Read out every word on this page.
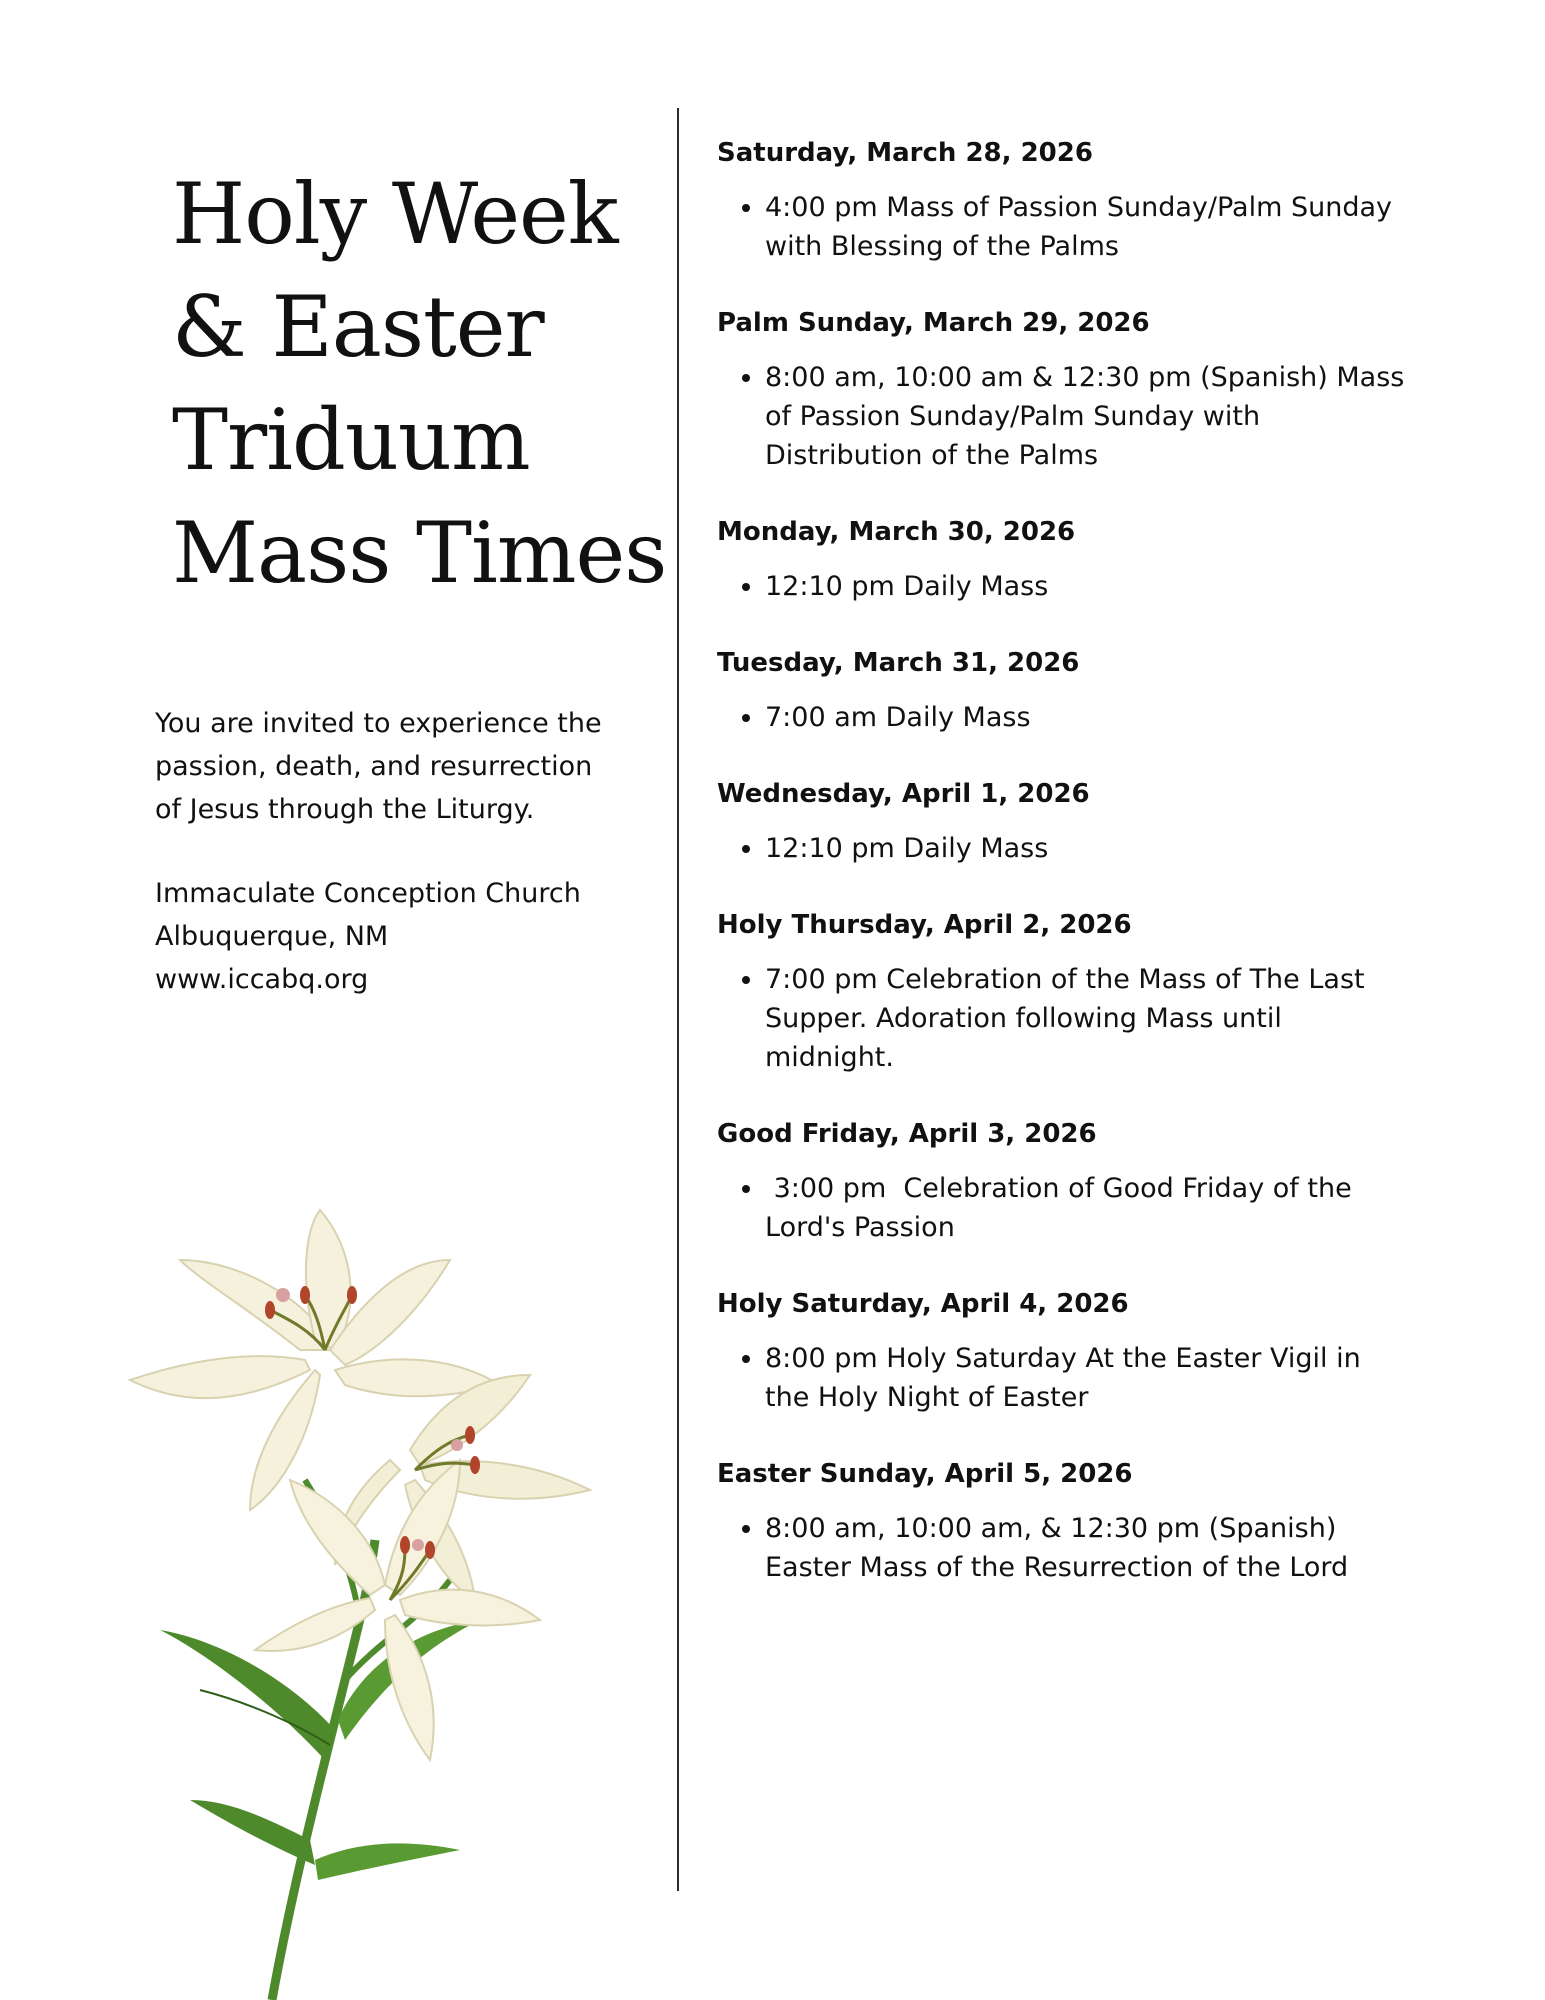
Holy Week
& Easter
Triduum
Mass Times

You are invited to experience the passion, death, and resurrection of Jesus through the Liturgy.

Immaculate Conception Church
Albuquerque, NM
www.iccabq.org
Saturday, March 28, 2026
• 4:00 pm Mass of Passion Sunday/Palm Sunday with Blessing of the Palms
Palm Sunday, March 29, 2026
• 8:00 am, 10:00 am & 12:30 pm (Spanish) Mass of Passion Sunday/Palm Sunday with Distribution of the Palms
Monday, March 30, 2026
• 12:10 pm Daily Mass
Tuesday, March 31, 2026
• 7:00 am Daily Mass
Wednesday, April 1, 2026
• 12:10 pm Daily Mass
Holy Thursday, April 2, 2026
• 7:00 pm Celebration of the Mass of The Last Supper. Adoration following Mass until midnight.
Good Friday, April 3, 2026
•  3:00 pm  Celebration of Good Friday of the Lord's Passion
Holy Saturday, April 4, 2026
• 8:00 pm Holy Saturday At the Easter Vigil in the Holy Night of Easter
Easter Sunday, April 5, 2026
• 8:00 am, 10:00 am, & 12:30 pm (Spanish) Easter Mass of the Resurrection of the Lord
